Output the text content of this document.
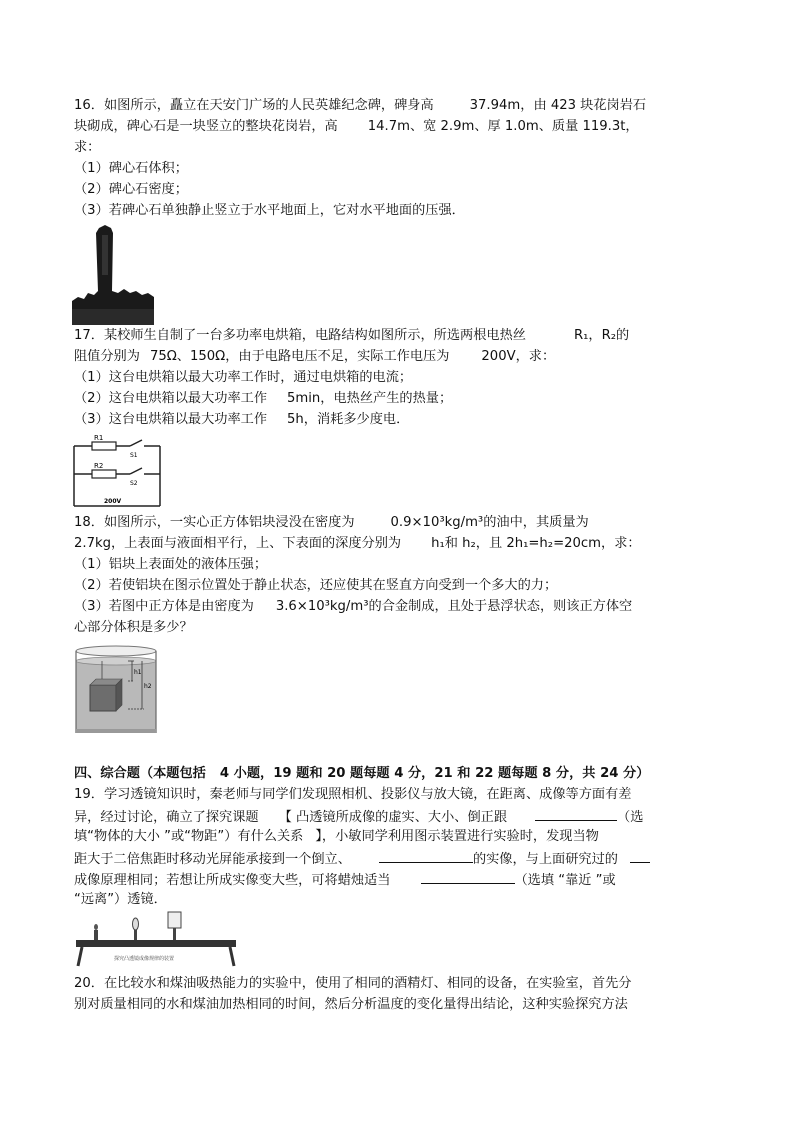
16．如图所示，矗立在天安门广场的人民英雄纪念碑，碑身高	37.94m，由 423 块花岗岩石
块砌成，碑心石是一块竖立的整块花岗岩，高 14.7m、宽 2.9m、厚 1.0m、质量 119.3t，
求：
（1）碑心石体积；
（2）碑心石密度；
（3）若碑心石单独静止竖立于水平地面上，它对水平地面的压强．
17．某校师生自制了一台多功率电烘箱，电路结构如图所示，所选两根电热丝	R₁，R₂的
阻值分别为 75Ω、150Ω，由于电路电压不足，实际工作电压为 200V，求：
（1）这台电烘箱以最大功率工作时，通过电烘箱的电流；
（2）这台电烘箱以最大功率工作 5min，电热丝产生的热量；
（3）这台电烘箱以最大功率工作 5h，消耗多少度电．
R1
S1
R2
S2
200V
18．如图所示，一实心正方体铝块浸没在密度为	0.9×10³kg/m³的油中，其质量为
2.7kg，上表面与液面相平行，上、下表面的深度分别为 h₁和 h₂，且 2h₁=h₂=20cm，求：
（1）铝块上表面处的液体压强；
（2）若使铝块在图示位置处于静止状态，还应使其在竖直方向受到一个多大的力；
（3）若图中正方体是由密度为 3.6×10³kg/m³的合金制成，且处于悬浮状态，则该正方体空
心部分体积是多少？
h1
h2
四、综合题（本题包括 4 小题，19 题和 20 题每题 4 分，21 和 22 题每题 8 分，共 24 分）
19．学习透镜知识时，秦老师与同学们发现照相机、投影仪与放大镜，在距离、成像等方面有差
异，经过讨论，确立了探究课题 【 凸透镜所成像的虚实、大小、倒正跟	（选
填“物体的大小 ”或“物距”）有什么关系 】，小敏同学利用图示装置进行实验时，发现当物
距大于二倍焦距时移动光屏能承接到一个倒立、	的实像，与上面研究过的
成像原理相同；若想让所成实像变大些，可将蜡烛适当	（选填 “靠近 ”或
“远离”）透镜．
探究凸透镜成像规律的装置
20．在比较水和煤油吸热能力的实验中，使用了相同的酒精灯、相同的设备，在实验室，首先分
别对质量相同的水和煤油加热相同的时间，然后分析温度的变化量得出结论，这种实验探究方法
